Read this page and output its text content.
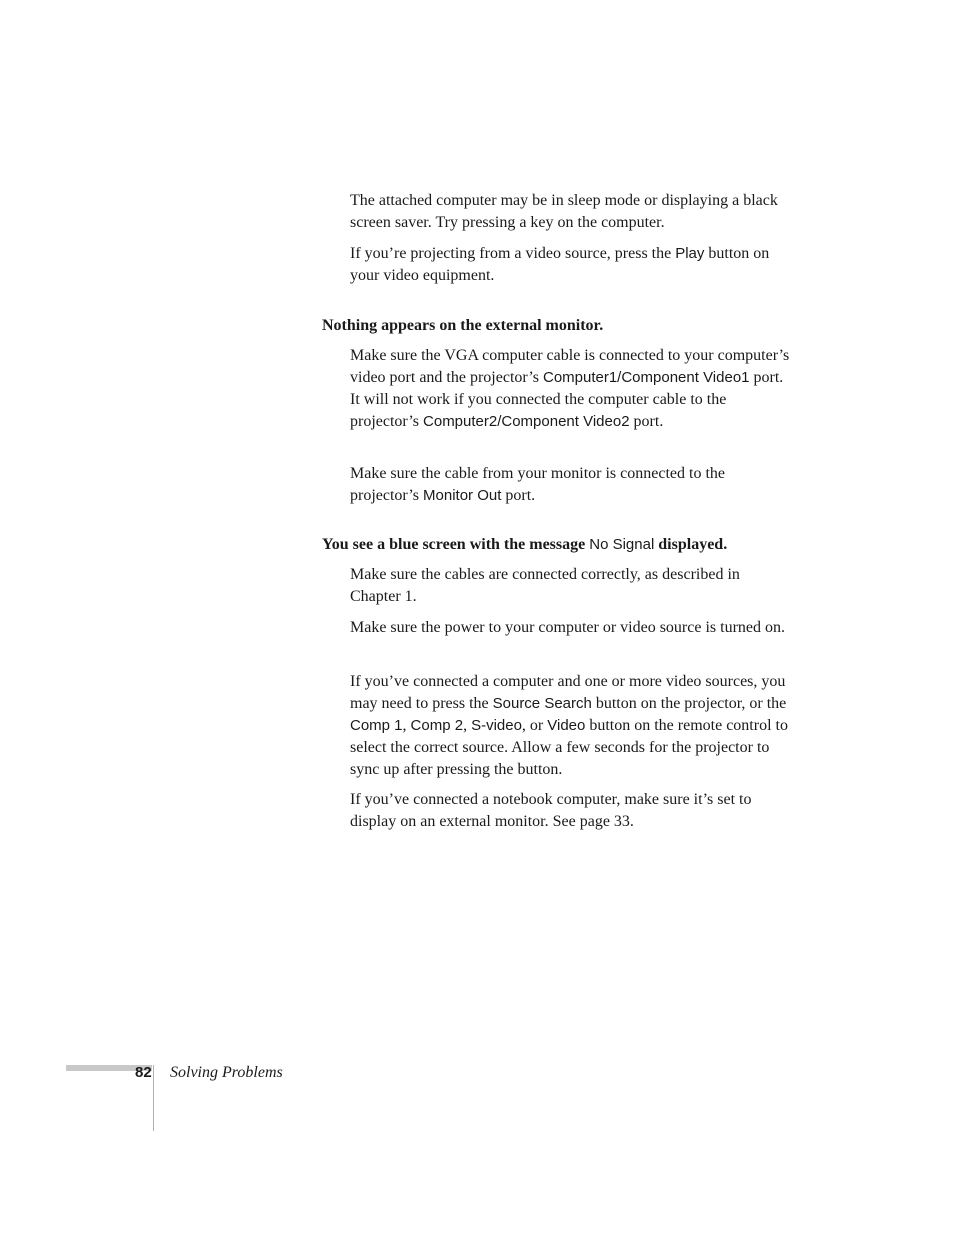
The attached computer may be in sleep mode or displaying a black screen saver. Try pressing a key on the computer.

If you’re projecting from a video source, press the Play button on your video equipment.

Nothing appears on the external monitor.

Make sure the VGA computer cable is connected to your computer’s video port and the projector’s Computer1/Component Video1 port. It will not work if you connected the computer cable to the projector’s Computer2/Component Video2 port.

Make sure the cable from your monitor is connected to the projector’s Monitor Out port.

You see a blue screen with the message No Signal displayed.

Make sure the cables are connected correctly, as described in Chapter 1.

Make sure the power to your computer or video source is turned on.

If you’ve connected a computer and one or more video sources, you may need to press the Source Search button on the projector, or the Comp 1, Comp 2, S-video, or Video button on the remote control to select the correct source. Allow a few seconds for the projector to sync up after pressing the button.

If you’ve connected a notebook computer, make sure it’s set to display on an external monitor. See page 33.

82 Solving Problems
